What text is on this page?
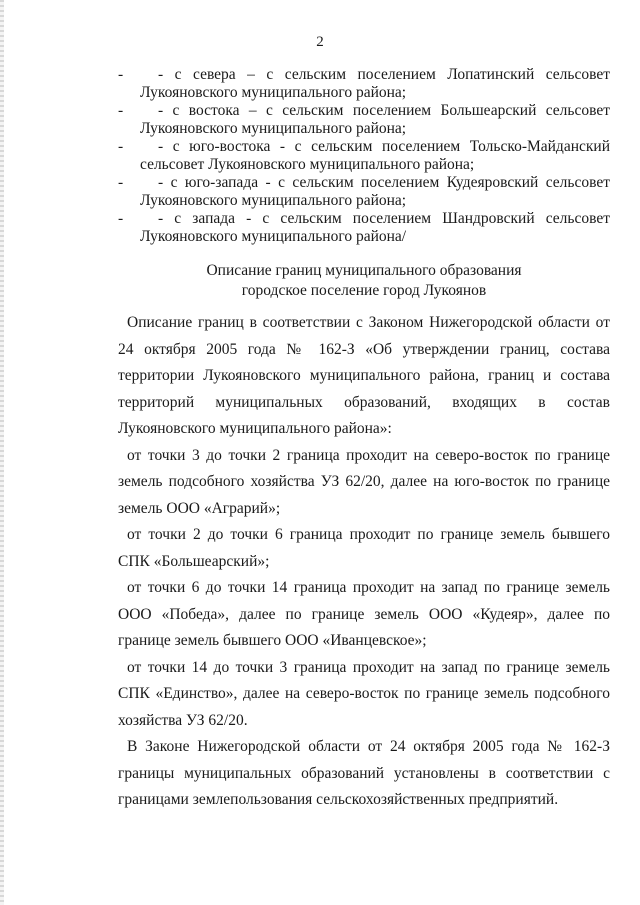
2
-	- с севера – с сельским поселением Лопатинский сельсовет
Лукояновского муниципального района;
-	- с востока – с сельским поселением Большеарский сельсовет
Лукояновского муниципального района;
-	- с юго-востока - с сельским поселением Тольско-Майданский
сельсовет Лукояновского муниципального района;
-	- с юго-запада - с сельским поселением Кудеяровский сельсовет
Лукояновского муниципального района;
-	- с запада - с сельским поселением Шандровский сельсовет
Лукояновского муниципального района/
Описание границ муниципального образования
городское поселение город Лукоянов

Описание границ в соответствии с Законом Нижегородской области от 24 октября 2005 года № 162-З «Об утверждении границ, состава территории Лукояновского муниципального района, границ и состава территорий муниципальных образований, входящих в состав Лукояновского муниципального района»:

от точки 3 до точки 2 граница проходит на северо-восток по границе земель подсобного хозяйства УЗ 62/20, далее на юго-восток по границе земель ООО «Аграрий»;

от точки 2 до точки 6 граница проходит по границе земель бывшего СПК «Большеарский»;

от точки 6 до точки 14 граница проходит на запад по границе земель ООО «Победа», далее по границе земель ООО «Кудеяр», далее по границе земель бывшего ООО «Иванцевское»;

от точки 14 до точки 3 граница проходит на запад по границе земель СПК «Единство», далее на северо-восток по границе земель подсобного хозяйства УЗ 62/20.

В Законе Нижегородской области от 24 октября 2005 года № 162-З границы муниципальных образований установлены в соответствии с границами землепользования сельскохозяйственных предприятий.
